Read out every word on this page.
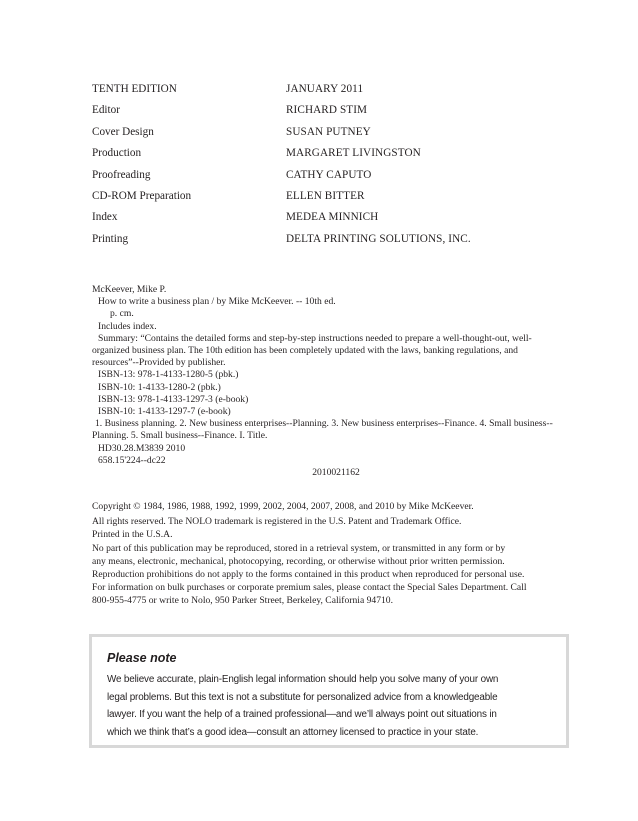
TENTH EDITION	JANUARY 2011
Editor	RICHARD STIM
Cover Design	SUSAN PUTNEY
Production	MARGARET LIVINGSTON
Proofreading	CATHY CAPUTO
CD-ROM Preparation	ELLEN BITTER
Index	MEDEA MINNICH
Printing	DELTA PRINTING SOLUTIONS, INC.
McKeever, Mike P.
How to write a business plan / by Mike McKeever. -- 10th ed.
p. cm.
Includes index.
Summary: “Contains the detailed forms and step-by-step instructions needed to prepare a well-thought-out, well-organized business plan. The 10th edition has been completely updated with the laws, banking regulations, and resources”--Provided by publisher.
ISBN-13: 978-1-4133-1280-5 (pbk.)
ISBN-10: 1-4133-1280-2 (pbk.)
ISBN-13: 978-1-4133-1297-3 (e-book)
ISBN-10: 1-4133-1297-7 (e-book)
1. Business planning. 2. New business enterprises--Planning. 3. New business enterprises--Finance. 4. Small business--Planning. 5. Small business--Finance. I. Title.
HD30.28.M3839 2010
658.15'224--dc22
2010021162
Copyright © 1984, 1986, 1988, 1992, 1999, 2002, 2004, 2007, 2008, and 2010 by Mike McKeever.
All rights reserved. The NOLO trademark is registered in the U.S. Patent and Trademark Office.
Printed in the U.S.A.
No part of this publication may be reproduced, stored in a retrieval system, or transmitted in any form or by
any means, electronic, mechanical, photocopying, recording, or otherwise without prior written permission.
Reproduction prohibitions do not apply to the forms contained in this product when reproduced for personal use.
For information on bulk purchases or corporate premium sales, please contact the Special Sales Department. Call
800-955-4775 or write to Nolo, 950 Parker Street, Berkeley, California 94710.
Please note
We believe accurate, plain-English legal information should help you solve many of your own
legal problems. But this text is not a substitute for personalized advice from a knowledgeable
lawyer. If you want the help of a trained professional—and we’ll always point out situations in
which we think that’s a good idea—consult an attorney licensed to practice in your state.
